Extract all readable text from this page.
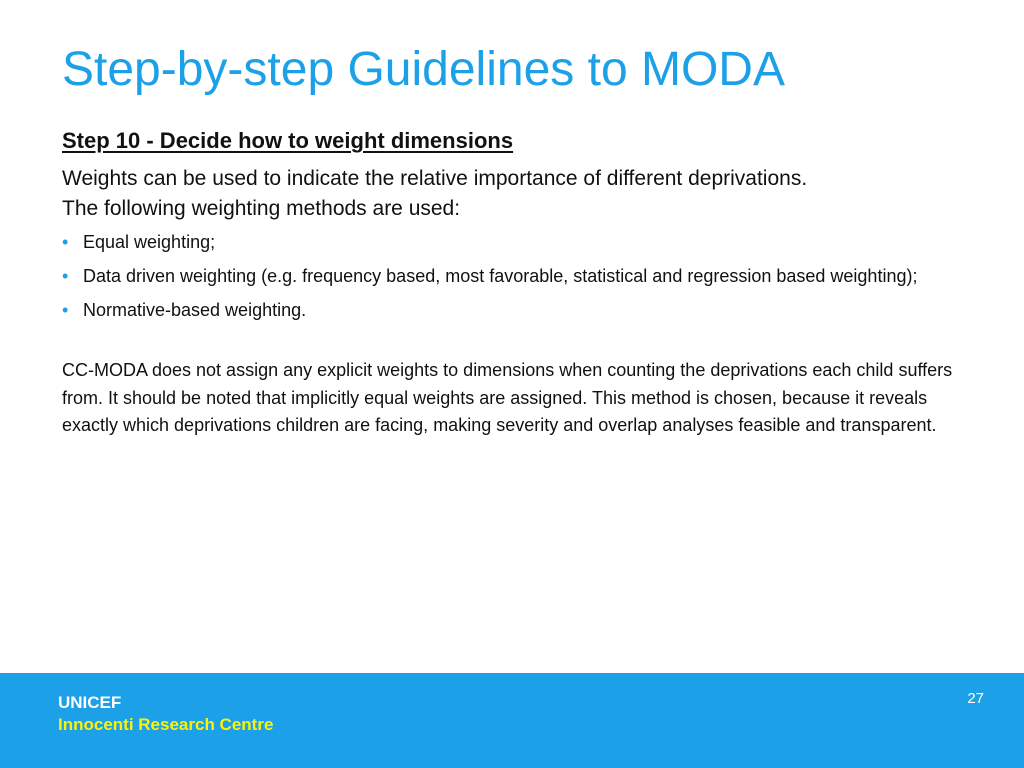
Step-by-step Guidelines to MODA
Step 10 - Decide how to weight dimensions

Weights can be used to indicate the relative importance of different deprivations. The following weighting methods are used:

• Equal weighting;
• Data driven weighting (e.g. frequency based, most favorable, statistical and regression based weighting);
• Normative-based weighting.

CC-MODA does not assign any explicit weights to dimensions when counting the deprivations each child suffers from. It should be noted that implicitly equal weights are assigned. This method is chosen, because it reveals exactly which deprivations children are facing, making severity and overlap analyses feasible and transparent.

UNICEF
Innocenti Research Centre
27
